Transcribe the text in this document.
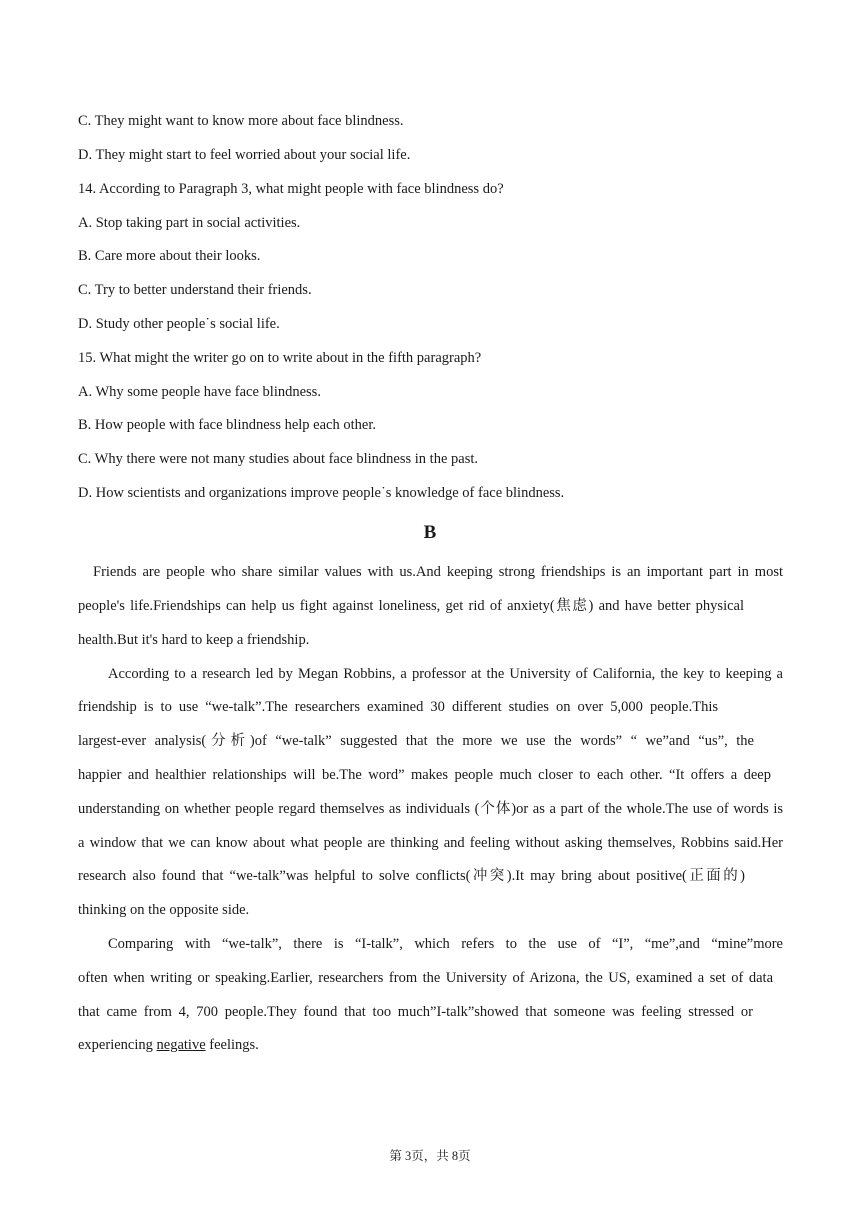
C. They might want to know more about face blindness.
D. They might start to feel worried about your social life.
14. According to Paragraph 3, what might people with face blindness do?
A. Stop taking part in social activities.
B. Care more about their looks.
C. Try to better understand their friends.
D. Study other people˙s social life.
15. What might the writer go on to write about in the fifth paragraph?
A. Why some people have face blindness.
B. How people with face blindness help each other.
C. Why there were not many studies about face blindness in the past.
D. How scientists and organizations improve people˙s knowledge of face blindness.
B
Friends are people who share similar values with us.And keeping strong friendships is an important part in most
people's life.Friendships can help us fight against loneliness, get rid of anxiety(焦虑) and have better physical
health.But it's hard to keep a friendship.
According to a research led by Megan Robbins, a professor at the University of California, the key to keeping a
friendship is to use “we-talk”.The researchers examined 30 different studies on over 5,000 people.This
largest-ever analysis(分析)of “we-talk” suggested that the more we use the words” “ we”and “us”, the
happier and healthier relationships will be.The word” makes people much closer to each other. “It offers a deep
understanding on whether people regard themselves as individuals (个体)or as a part of the whole.The use of words is
a window that we can know about what people are thinking and feeling without asking themselves, Robbins said.Her
research also found that “we-talk”was helpful to solve conflicts(冲突).It may bring about positive(正面的)
thinking on the opposite side.
Comparing with “we-talk”, there is “I-talk”, which refers to the use of “I”, “me”,and “mine”more
often when writing or speaking.Earlier, researchers from the University of Arizona, the US, examined a set of data
that came from 4, 700 people.They found that too much”I-talk”showed that someone was feeling stressed or
experiencing negative feelings.
第 3页，共 8页
